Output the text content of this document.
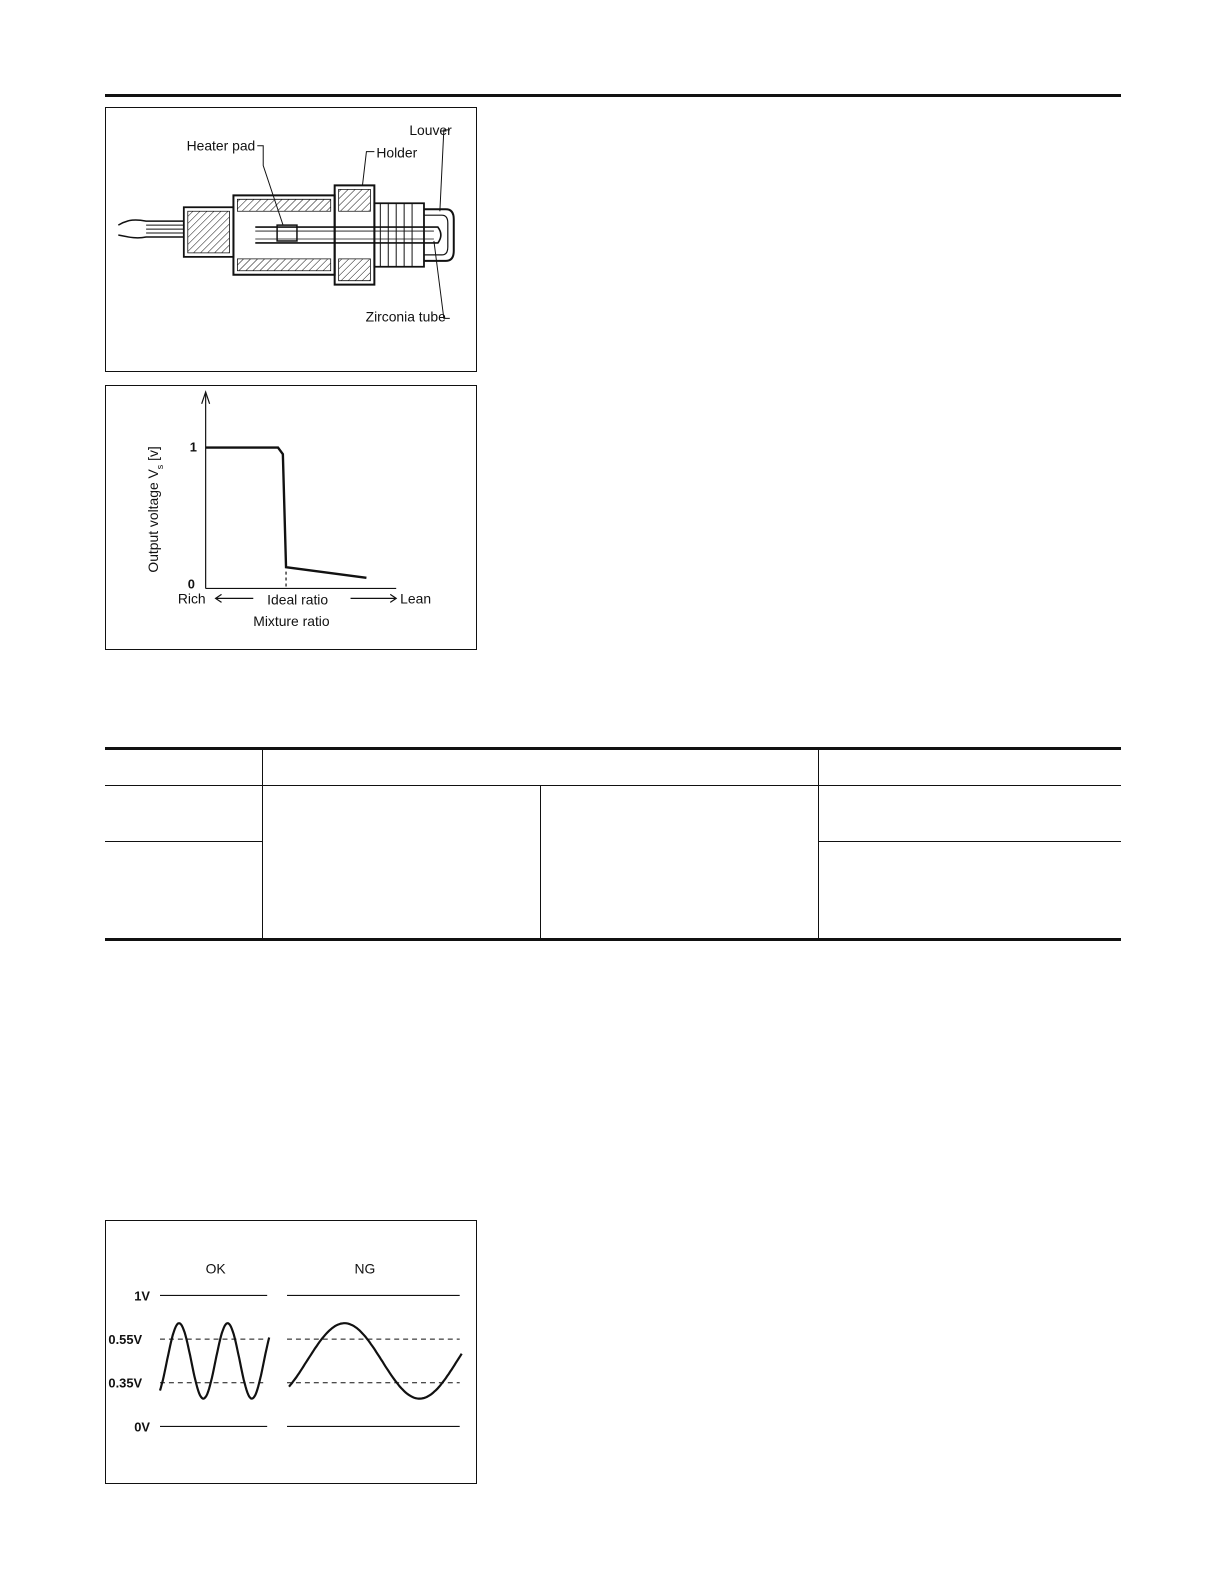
Louver
Heater pad	Holder
Zirconia tube
1
0
Output voltage $V_s$ [v]
Rich	Ideal ratio	Lean
Mixture ratio
OK	NG
1V
0.55V
0.35V
0V
